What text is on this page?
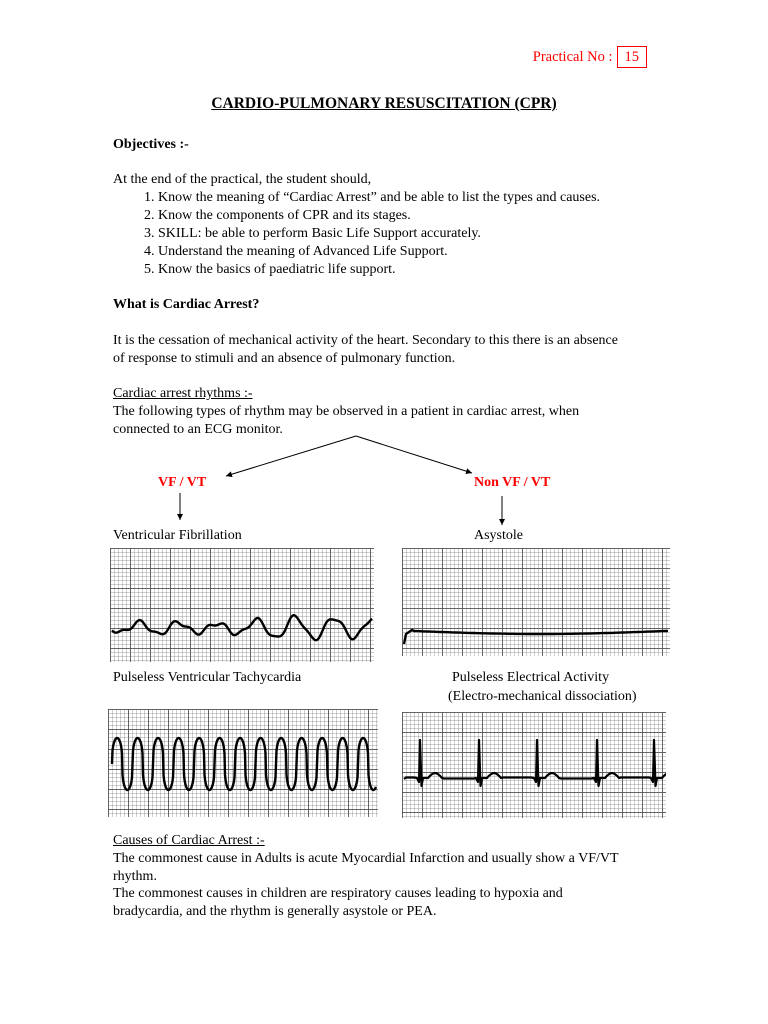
Practical No : 15
CARDIO-PULMONARY RESUSCITATION (CPR)
Objectives :-
At the end of the practical, the student should,
1. Know the meaning of “Cardiac Arrest” and be able to list the types and causes.
2. Know the components of CPR and its stages.
3. SKILL: be able to perform Basic Life Support accurately.
4. Understand the meaning of Advanced Life Support.
5. Know the basics of paediatric life support.
What is Cardiac Arrest?
It is the cessation of mechanical activity of the heart. Secondary to this there is an absence of response to stimuli and an absence of pulmonary function.
Cardiac arrest rhythms :-
The following types of rhythm may be observed in a patient in cardiac arrest, when connected to an ECG monitor.
VF / VT	Non VF / VT
Ventricular Fibrillation	Asystole
Pulseless Ventricular Tachycardia	Pulseless Electrical Activity
(Electro-mechanical dissociation)
Causes of Cardiac Arrest :-
The commonest cause in Adults is acute Myocardial Infarction and usually show a VF/VT rhythm.
The commonest causes in children are respiratory causes leading to hypoxia and bradycardia, and the rhythm is generally asystole or PEA.
